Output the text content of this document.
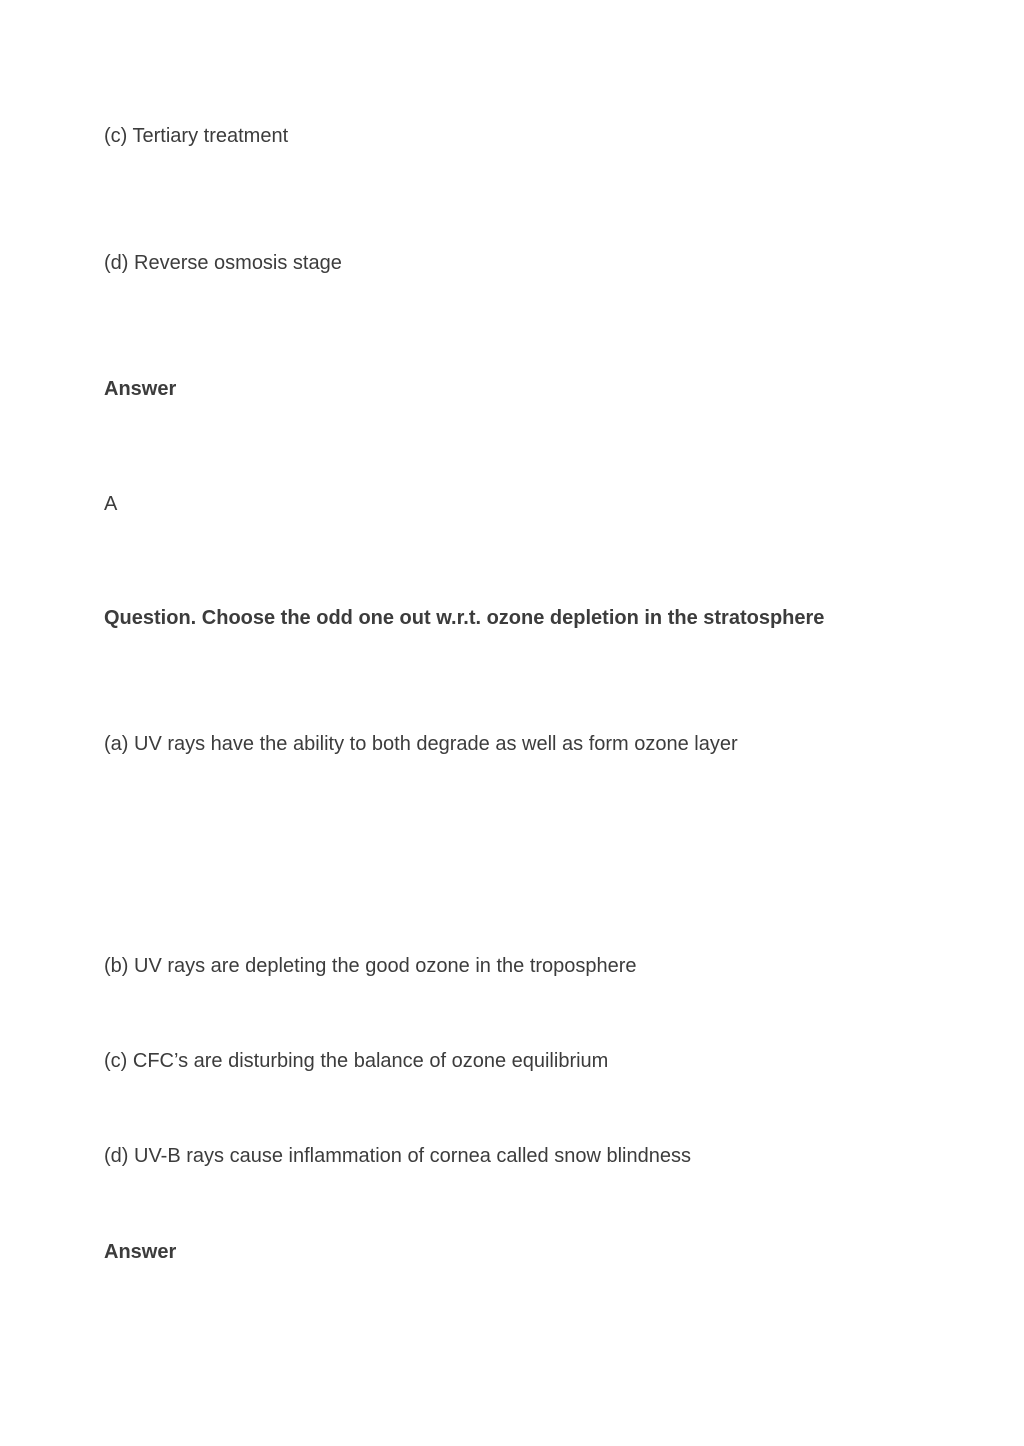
(c) Tertiary treatment
(d) Reverse osmosis stage
Answer
A
Question. Choose the odd one out w.r.t. ozone depletion in the stratosphere
(a) UV rays have the ability to both degrade as well as form ozone layer
(b) UV rays are depleting the good ozone in the troposphere
(c) CFC’s are disturbing the balance of ozone equilibrium
(d) UV-B rays cause inflammation of cornea called snow blindness
Answer
